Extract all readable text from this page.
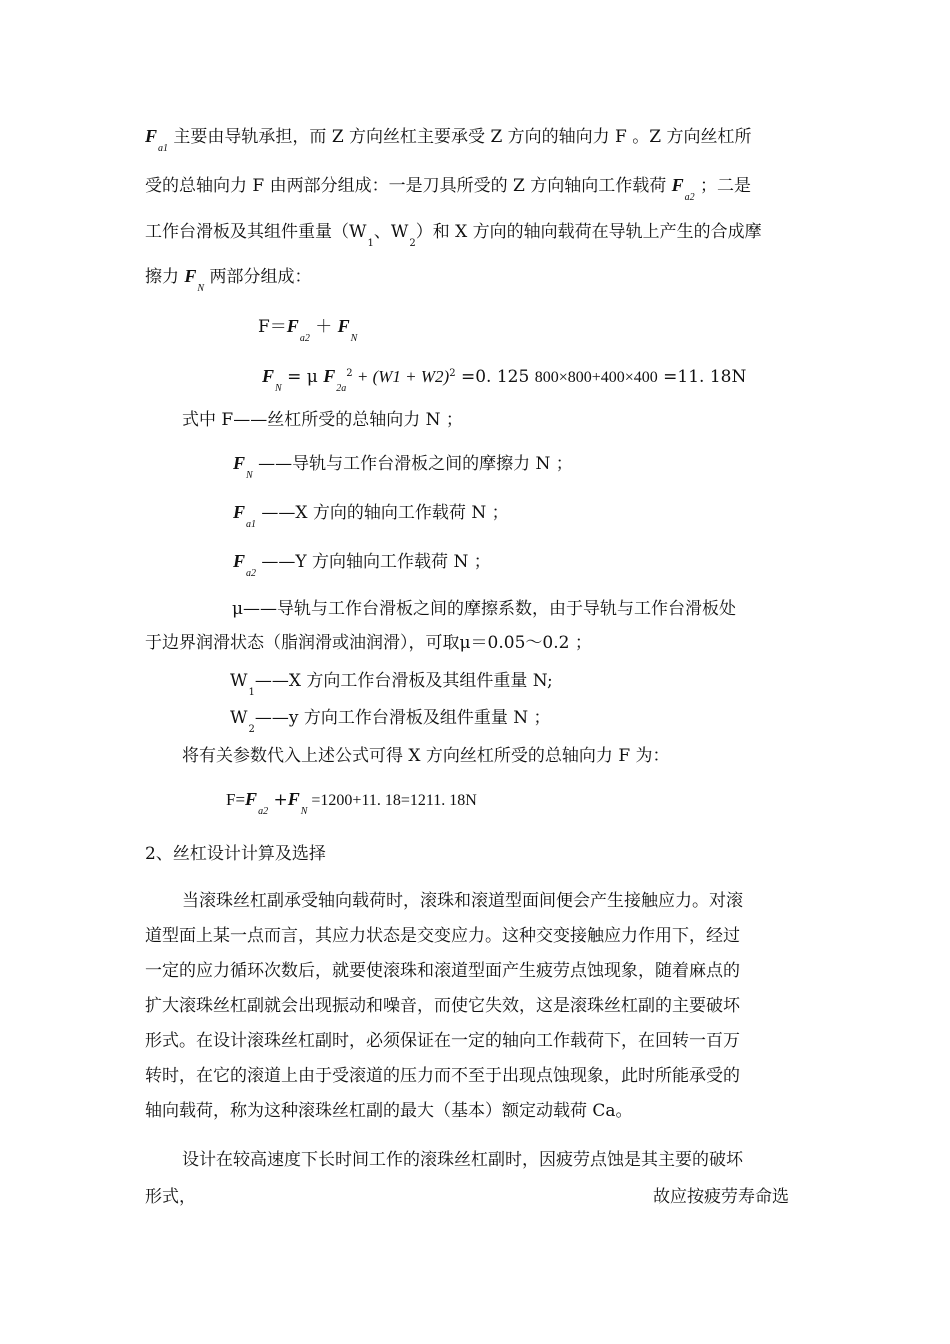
$F_{a1}$ 主要由导轨承担，而 Z 方向丝杠主要承受 Z 方向的轴向力 F 。Z 方向丝杠所
受的总轴向力 F 由两部分组成：一是刀具所受的 Z 方向轴向工作载荷 $F_{a2}$ ；二是
工作台滑板及其组件重量（$W_1$、$W_2$）和 X 方向的轴向载荷在导轨上产生的合成摩
擦力 $F_N$ 两部分组成：
$F=F_{a2} + F_N$
$F_N = \mu$ $F_{2a}^2 + (W1 + W2)^2 =0$. 125 800×800+400×400 =11. 18N
式中 F——丝杠所受的总轴向力 N ；
$F_N$ ——导轨与工作台滑板之间的摩擦力 N ；
$F_{a1}$ ——X 方向的轴向工作载荷 N ；
$F_{a2}$ ——Y 方向轴向工作载荷 N ；
μ——导轨与工作台滑板之间的摩擦系数，由于导轨与工作台滑板处
于边界润滑状态（脂润滑或油润滑），可取μ＝0.05～0.2 ；
$W_1——X$ 方向工作台滑板及其组件重量 N;
$W_2——y$ 方向工作台滑板及组件重量 N ；
将有关参数代入上述公式可得 X 方向丝杠所受的总轴向力 F 为：
$F=F_{a2} +F_N =1200+11$. 18=1211. 18N
2、丝杠设计计算及选择
当滚珠丝杠副承受轴向载荷时，滚珠和滚道型面间便会产生接触应力。对滚
道型面上某一点而言，其应力状态是交变应力。这种交变接触应力作用下，经过
一定的应力循环次数后，就要使滚珠和滚道型面产生疲劳点蚀现象，随着麻点的
扩大滚珠丝杠副就会出现振动和噪音，而使它失效，这是滚珠丝杠副的主要破坏
形式。在设计滚珠丝杠副时，必须保证在一定的轴向工作载荷下，在回转一百万
转时，在它的滚道上由于受滚道的压力而不至于出现点蚀现象，此时所能承受的
轴向载荷，称为这种滚珠丝杠副的最大（基本）额定动载荷 Ca。
设计在较高速度下长时间工作的滚珠丝杠副时，因疲劳点蚀是其主要的破坏
形式，	故应按疲劳寿命选
